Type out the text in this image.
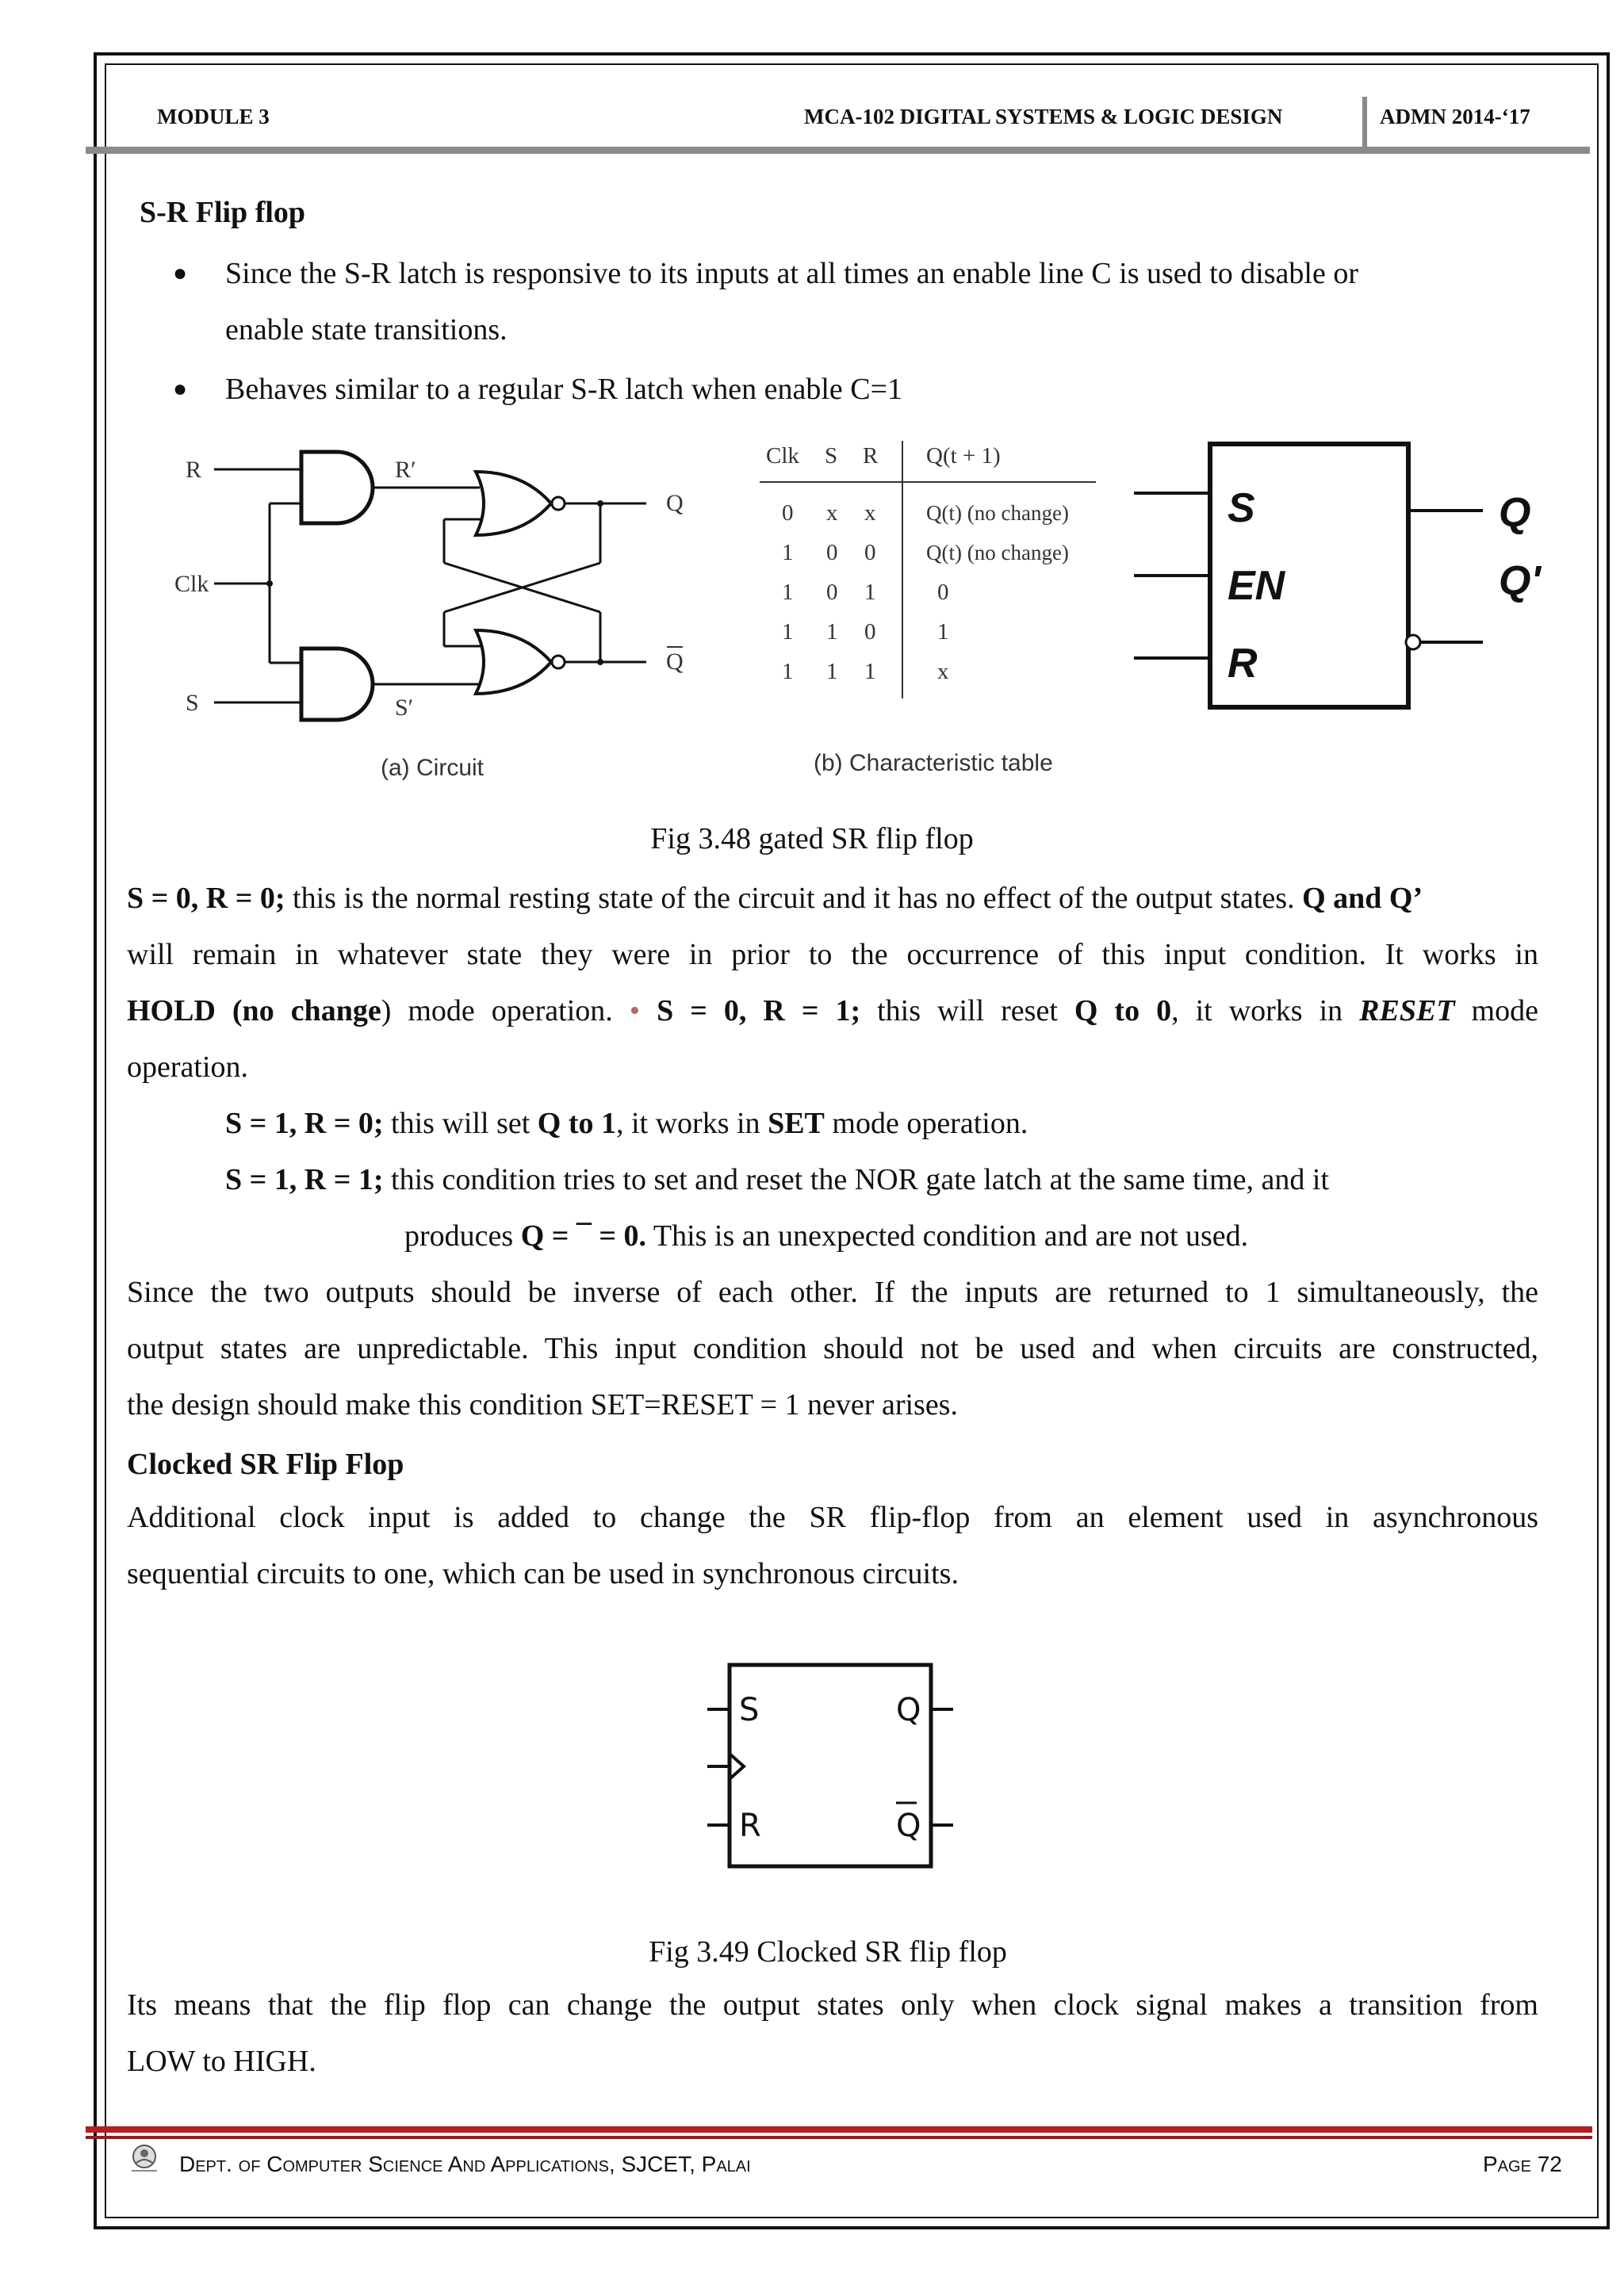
MODULE 3	MCA-102 DIGITAL SYSTEMS & LOGIC DESIGN	ADMN 2014-‘17
S-R Flip flop
● Since the S-R latch is responsive to its inputs at all times an enable line C is used to disable or
enable state transitions.
● Behaves similar to a regular S-R latch when enable C=1
R	R′
Clk
S	S′
Q
Q
(a) Circuit
Clk S R Q(t + 1)
0 x x Q(t) (no change)
1 0 0 Q(t) (no change)
1 0 1	0
1 1 0	1
1 1 1	x
(b) Characteristic table
S
EN
R
Q
Q'
Fig 3.48 gated SR flip flop
S = 0, R = 0; this is the normal resting state of the circuit and it has no effect of the output states. Q and Q’
will remain in whatever state they were in prior to the occurrence of this input condition. It works in
HOLD (no change) mode operation. • S = 0, R = 1; this will reset Q to 0, it works in RESET mode
operation.
S = 1, R = 0; this will set Q to 1, it works in SET mode operation.
S = 1, R = 1; this condition tries to set and reset the NOR gate latch at the same time, and it
produces Q = ¯ = 0. This is an unexpected condition and are not used.
Since the two outputs should be inverse of each other. If the inputs are returned to 1 simultaneously, the
output states are unpredictable. This input condition should not be used and when circuits are constructed,
the design should make this condition SET=RESET = 1 never arises.
Clocked SR Flip Flop
Additional clock input is added to change the SR flip-flop from an element used in asynchronous
sequential circuits to one, which can be used in synchronous circuits.
S
R
Q
Q
Fig 3.49 Clocked SR flip flop
Its means that the flip flop can change the output states only when clock signal makes a transition from
LOW to HIGH.
Dept. of Computer Science And Applications, SJCET, Palai	Page 72
